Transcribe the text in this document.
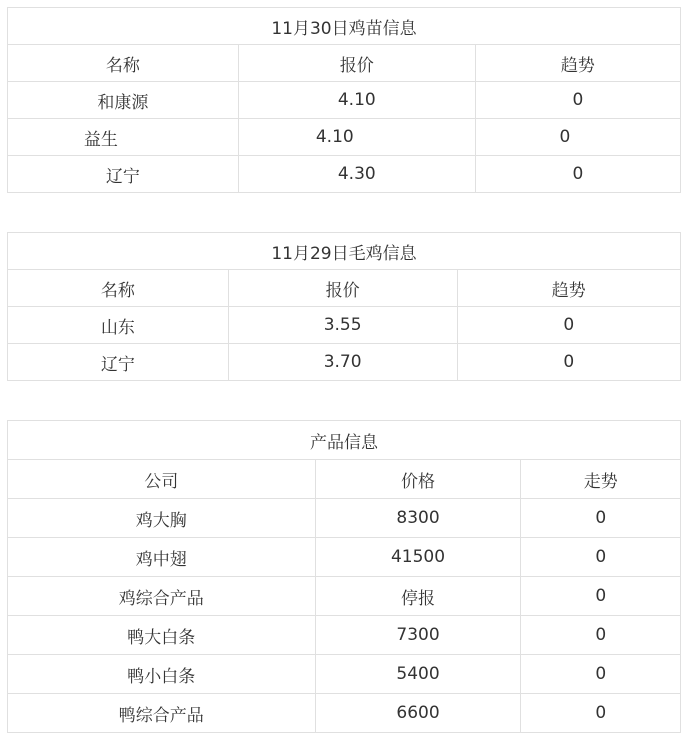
11月30日鸡苗信息		
名称	报价	趋势
和康源	4.10	0
益生	4.10	0
辽宁	4.30	0
11月29日毛鸡信息		
名称	报价	趋势
山东	3.55	0
辽宁	3.70	0
产品信息		
公司	价格	走势
鸡大胸	8300	0
鸡中翅	41500	0
鸡综合产品	停报	0
鸭大白条	7300	0
鸭小白条	5400	0
鸭综合产品	6600	0
